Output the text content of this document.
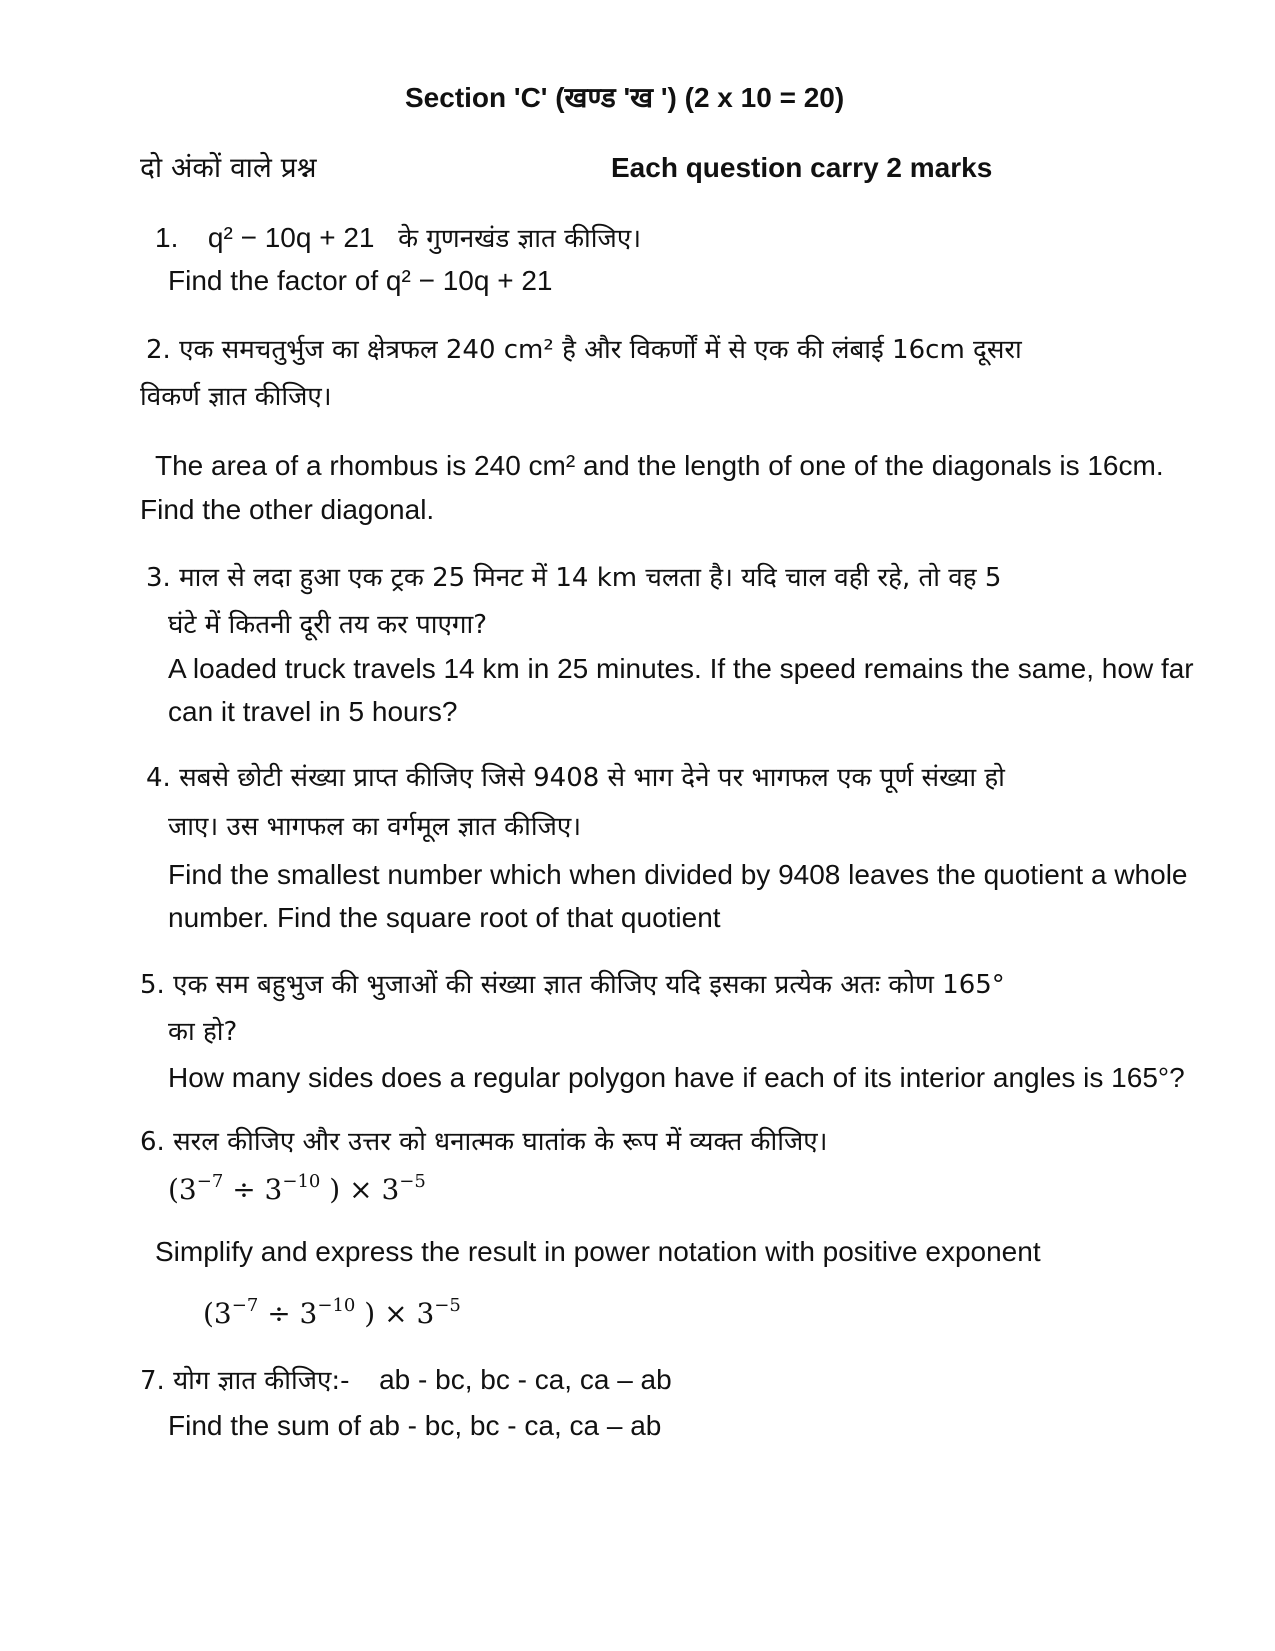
Section 'C' (खण्ड 'ख ') (2 x 10 = 20)
दो अंकों वाले प्रश्न	Each question carry 2 marks
1. q² − 10q + 21 के गुणनखंड ज्ञात कीजिए।
Find the factor of q² − 10q + 21
2. एक समचतुर्भुज का क्षेत्रफल 240 cm² है और विकर्णों में से एक की लंबाई 16cm दूसरा
विकर्ण ज्ञात कीजिए।
The area of a rhombus is 240 cm² and the length of one of the diagonals is 16cm.
Find the other diagonal.
3. माल से लदा हुआ एक ट्रक 25 मिनट में 14 km चलता है। यदि चाल वही रहे, तो वह 5
घंटे में कितनी दूरी तय कर पाएगा?
A loaded truck travels 14 km in 25 minutes. If the speed remains the same, how far
can it travel in 5 hours?
4. सबसे छोटी संख्या प्राप्त कीजिए जिसे 9408 से भाग देने पर भागफल एक पूर्ण संख्या हो
जाए। उस भागफल का वर्गमूल ज्ञात कीजिए।
Find the smallest number which when divided by 9408 leaves the quotient a whole
number. Find the square root of that quotient
5. एक सम बहुभुज की भुजाओं की संख्या ज्ञात कीजिए यदि इसका प्रत्येक अतः कोण 165°
का हो?
How many sides does a regular polygon have if each of its interior angles is 165°?
6. सरल कीजिए और उत्तर को धनात्मक घातांक के रूप में व्यक्त कीजिए।
($3^{-7} \div 3^{-10}$ ) × $3^{-5}$
Simplify and express the result in power notation with positive exponent
($3^{-7} \div 3^{-10}$ ) × $3^{-5}$
7. योग ज्ञात कीजिए:- ab - bc, bc - ca, ca – ab
Find the sum of ab - bc, bc - ca, ca – ab
